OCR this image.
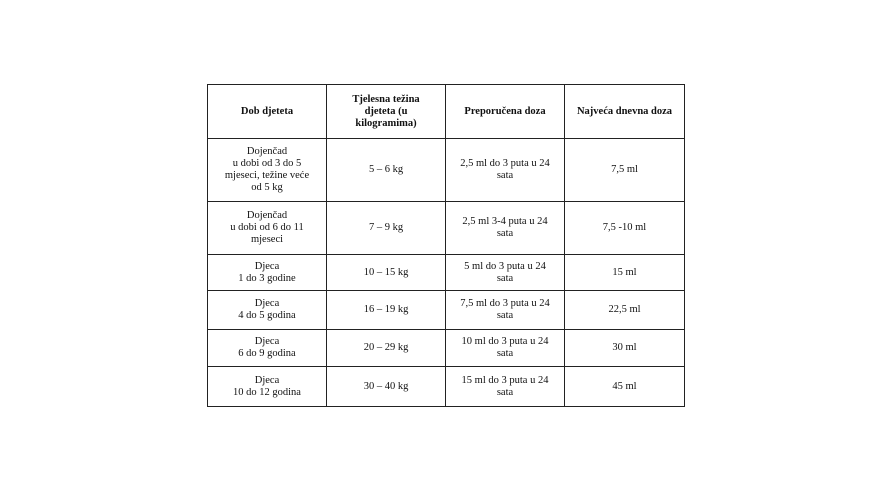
Dob djeteta	Tjelesna težina
djeteta (u
kilogramima)	Preporučena doza	Najveća dnevna doza

Dojenčad
u dobi od 3 do 5
mjeseci, težine veće
od 5 kg	5 – 6 kg	2,5 ml do 3 puta u 24
sata	7,5 ml

Dojenčad
u dobi od 6 do 11
mjeseci	7 – 9 kg	2,5 ml 3-4 puta u 24
sata	7,5 -10 ml

Djeca
1 do 3 godine	10 – 15 kg	5 ml do 3 puta u 24
sata	15 ml

Djeca
4 do 5 godina	16 – 19 kg	7,5 ml do 3 puta u 24
sata	22,5 ml

Djeca
6 do 9 godina	20 – 29 kg	10 ml do 3 puta u 24
sata	30 ml

Djeca
10 do 12 godina	30 – 40 kg	15 ml do 3 puta u 24
sata	45 ml
